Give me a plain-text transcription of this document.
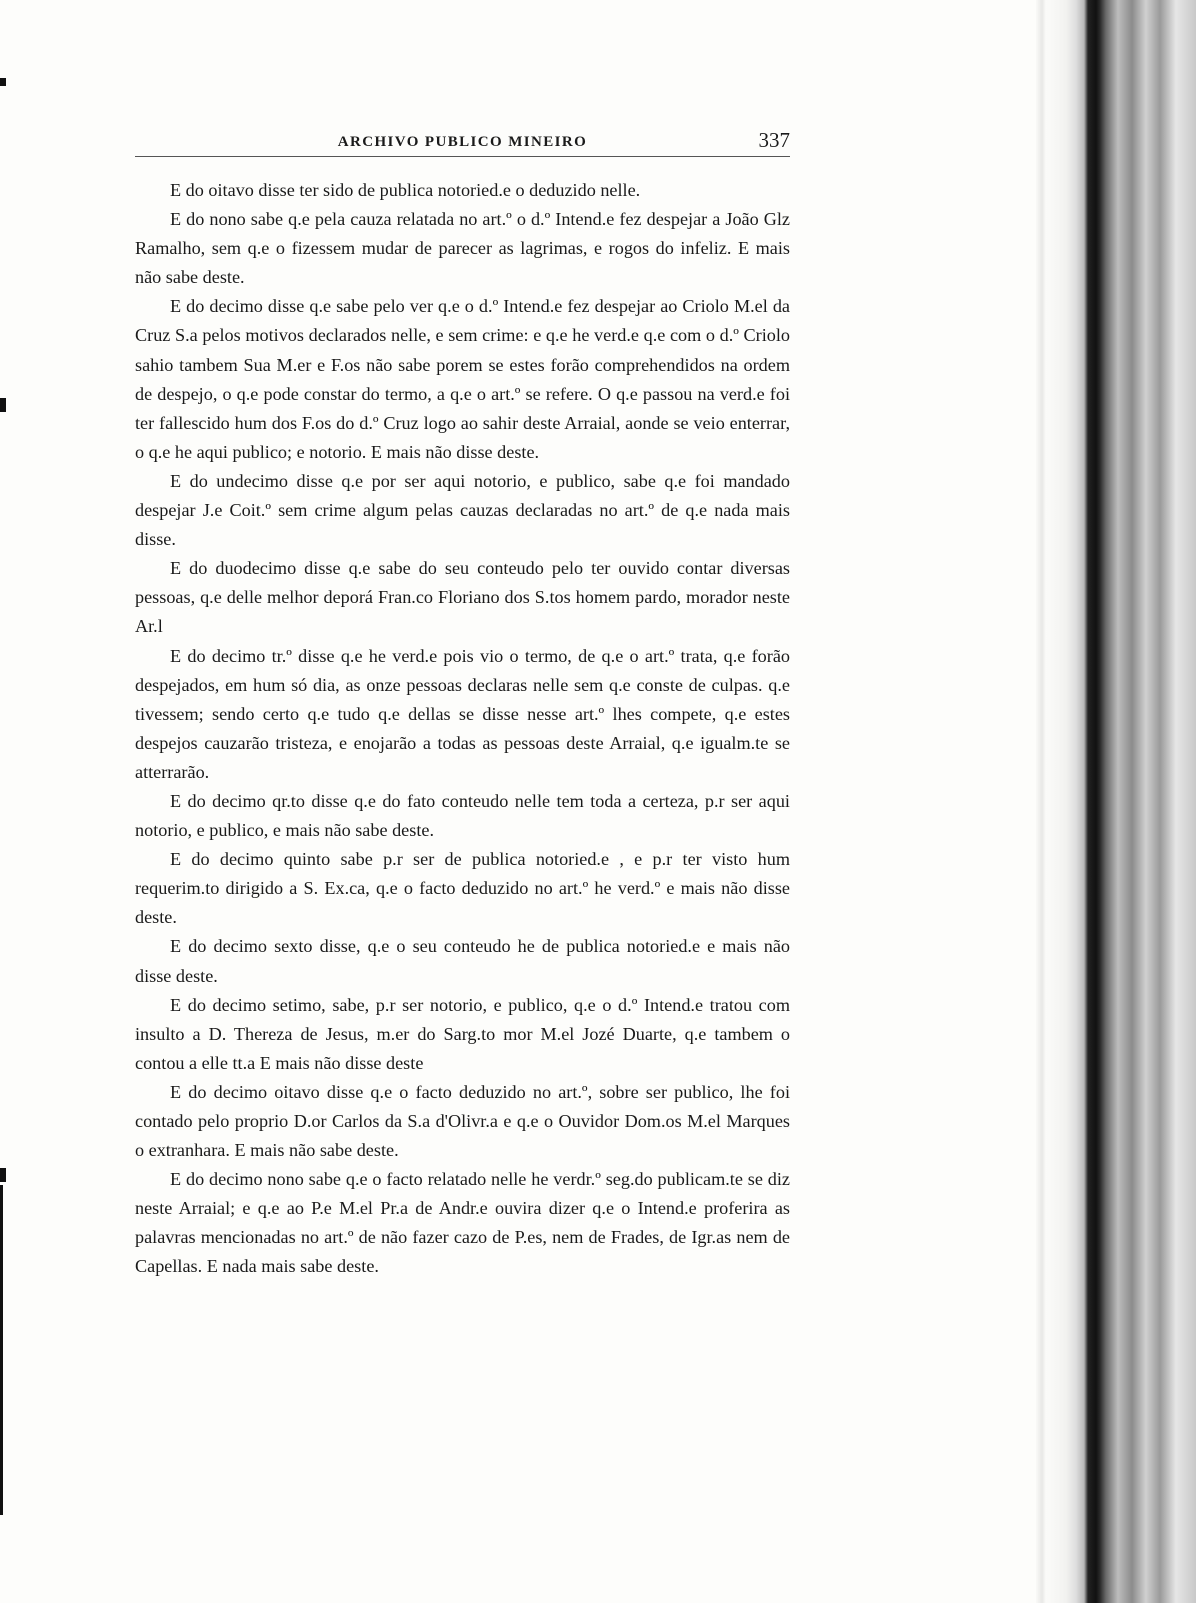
ARCHIVO PUBLICO MINEIRO	337

E do oitavo disse ter sido de publica notoried.e o deduzido nelle.

E do nono sabe q.e pela cauza relatada no art.º o d.º Intend.e fez despejar a João Glz Ramalho, sem q.e o fizessem mudar de parecer as lagrimas, e rogos do infeliz. E mais não sabe deste.

E do decimo disse q.e sabe pelo ver q.e o d.º Intend.e fez despejar ao Criolo M.el da Cruz S.a pelos motivos declarados nelle, e sem crime: e q.e he verd.e q.e com o d.º Criolo sahio tambem Sua M.er e F.os não sabe porem se estes forão comprehendidos na ordem de despejo, o q.e pode constar do termo, a q.e o art.º se refere. O q.e passou na verd.e foi ter fallescido hum dos F.os do d.º Cruz logo ao sahir deste Arraial, aonde se veio enterrar, o q.e he aqui publico; e notorio. E mais não disse deste.

E do undecimo disse q.e por ser aqui notorio, e publico, sabe q.e foi mandado despejar J.e Coit.º sem crime algum pelas cauzas declaradas no art.º de q.e nada mais disse.

E do duodecimo disse q.e sabe do seu conteudo pelo ter ouvido contar diversas pessoas, q.e delle melhor deporá Fran.co Floriano dos S.tos homem pardo, morador neste Ar.l

E do decimo tr.º disse q.e he verd.e pois vio o termo, de q.e o art.º trata, q.e forão despejados, em hum só dia, as onze pessoas declaras nelle sem q.e conste de culpas. q.e tivessem; sendo certo q.e tudo q.e dellas se disse nesse art.º lhes compete, q.e estes despejos cauzarão tristeza, e enojarão a todas as pessoas deste Arraial, q.e igualm.te se atterrarão.

E do decimo qr.to disse q.e do fato conteudo nelle tem toda a certeza, p.r ser aqui notorio, e publico, e mais não sabe deste.

E do decimo quinto sabe p.r ser de publica notoried.e , e p.r ter visto hum requerim.to dirigido a S. Ex.ca, q.e o facto deduzido no art.º he verd.º e mais não disse deste.

E do decimo sexto disse, q.e o seu conteudo he de publica notoried.e e mais não disse deste.

E do decimo setimo, sabe, p.r ser notorio, e publico, q.e o d.º Intend.e tratou com insulto a D. Thereza de Jesus, m.er do Sarg.to mor M.el Jozé Duarte, q.e tambem o contou a elle tt.a E mais não disse deste

E do decimo oitavo disse q.e o facto deduzido no art.º, sobre ser publico, lhe foi contado pelo proprio D.or Carlos da S.a d'Olivr.a e q.e o Ouvidor Dom.os M.el Marques o extranhara. E mais não sabe deste.

E do decimo nono sabe q.e o facto relatado nelle he verdr.º seg.do publicam.te se diz neste Arraial; e q.e ao P.e M.el Pr.a de Andr.e ouvira dizer q.e o Intend.e proferira as palavras mencionadas no art.º de não fazer cazo de P.es, nem de Frades, de Igr.as nem de Capellas. E nada mais sabe deste.
